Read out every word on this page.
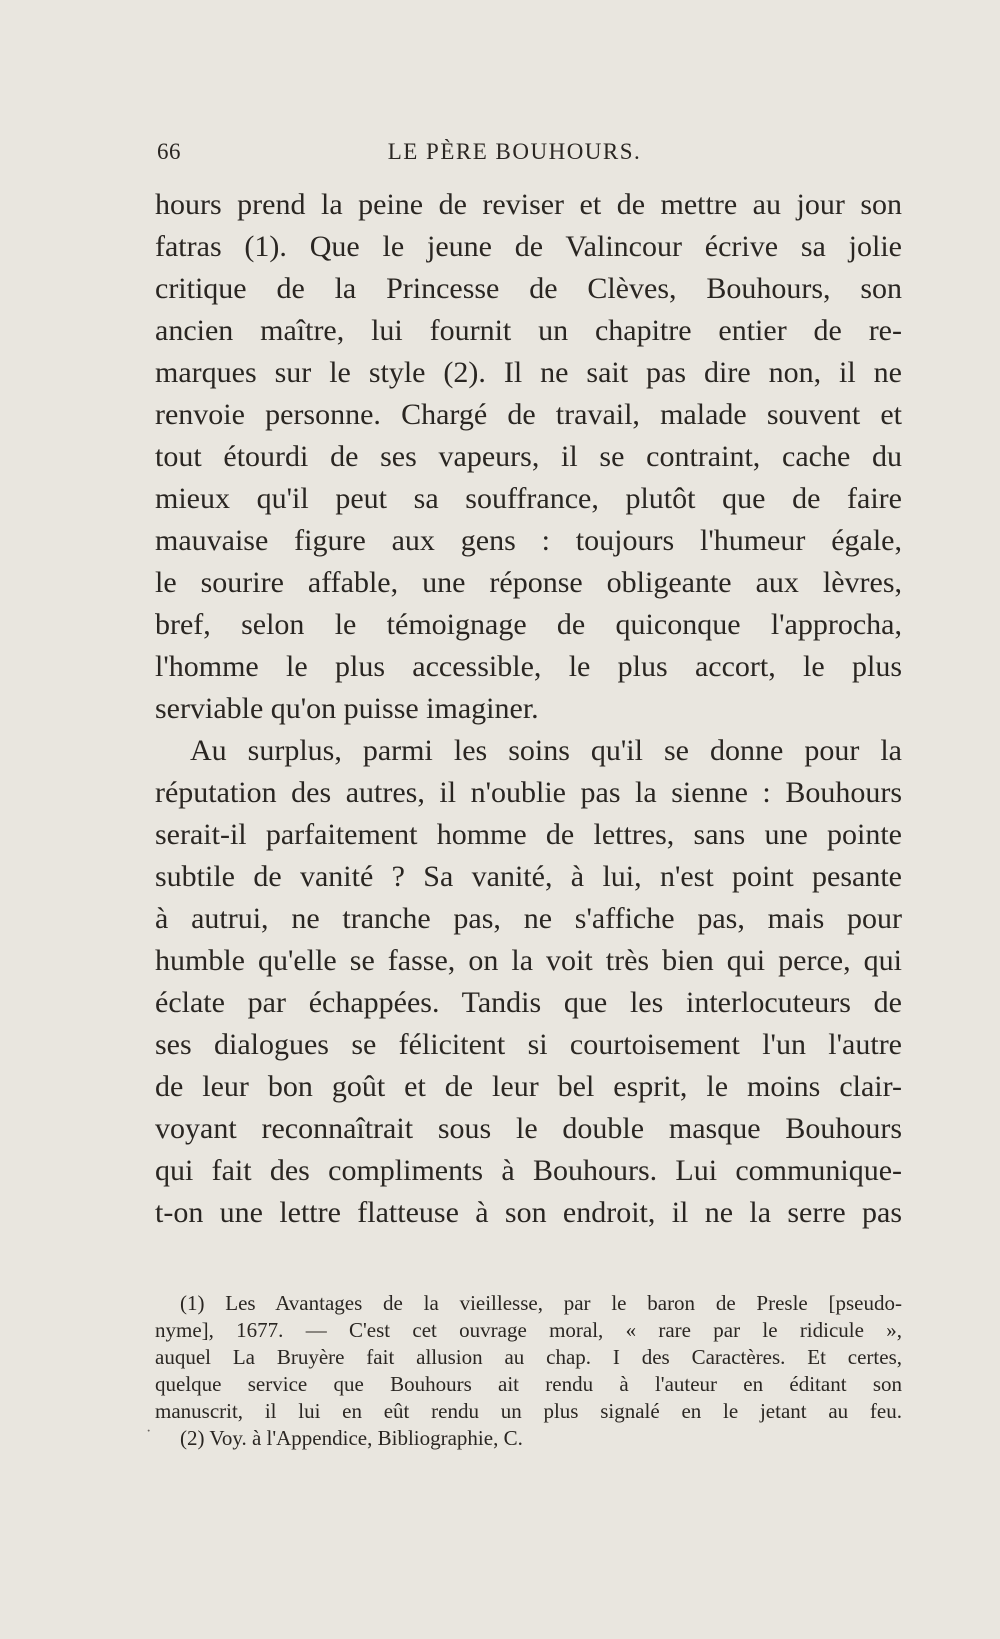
66	LE PÈRE BOUHOURS.
hours prend la peine de reviser et de mettre au jour son
fatras (1). Que le jeune de Valincour écrive sa jolie
critique de la Princesse de Clèves, Bouhours, son
ancien maître, lui fournit un chapitre entier de re-
marques sur le style (2). Il ne sait pas dire non, il ne
renvoie personne. Chargé de travail, malade souvent et
tout étourdi de ses vapeurs, il se contraint, cache du
mieux qu'il peut sa souffrance, plutôt que de faire
mauvaise figure aux gens : toujours l'humeur égale,
le sourire affable, une réponse obligeante aux lèvres,
bref, selon le témoignage de quiconque l'approcha,
l'homme le plus accessible, le plus accort, le plus
serviable qu'on puisse imaginer.
Au surplus, parmi les soins qu'il se donne pour la
réputation des autres, il n'oublie pas la sienne : Bouhours
serait-il parfaitement homme de lettres, sans une pointe
subtile de vanité ? Sa vanité, à lui, n'est point pesante
à autrui, ne tranche pas, ne s'affiche pas, mais pour
humble qu'elle se fasse, on la voit très bien qui perce, qui
éclate par échappées. Tandis que les interlocuteurs de
ses dialogues se félicitent si courtoisement l'un l'autre
de leur bon goût et de leur bel esprit, le moins clair-
voyant reconnaîtrait sous le double masque Bouhours
qui fait des compliments à Bouhours. Lui communique-
t-on une lettre flatteuse à son endroit, il ne la serre pas
(1) Les Avantages de la vieillesse, par le baron de Presle [pseudo-
nyme], 1677. — C'est cet ouvrage moral, « rare par le ridicule »,
auquel La Bruyère fait allusion au chap. I des Caractères. Et certes,
quelque service que Bouhours ait rendu à l'auteur en éditant son
manuscrit, il lui en eût rendu un plus signalé en le jetant au feu.
(2) Voy. à l'Appendice, Bibliographie, C.
·
